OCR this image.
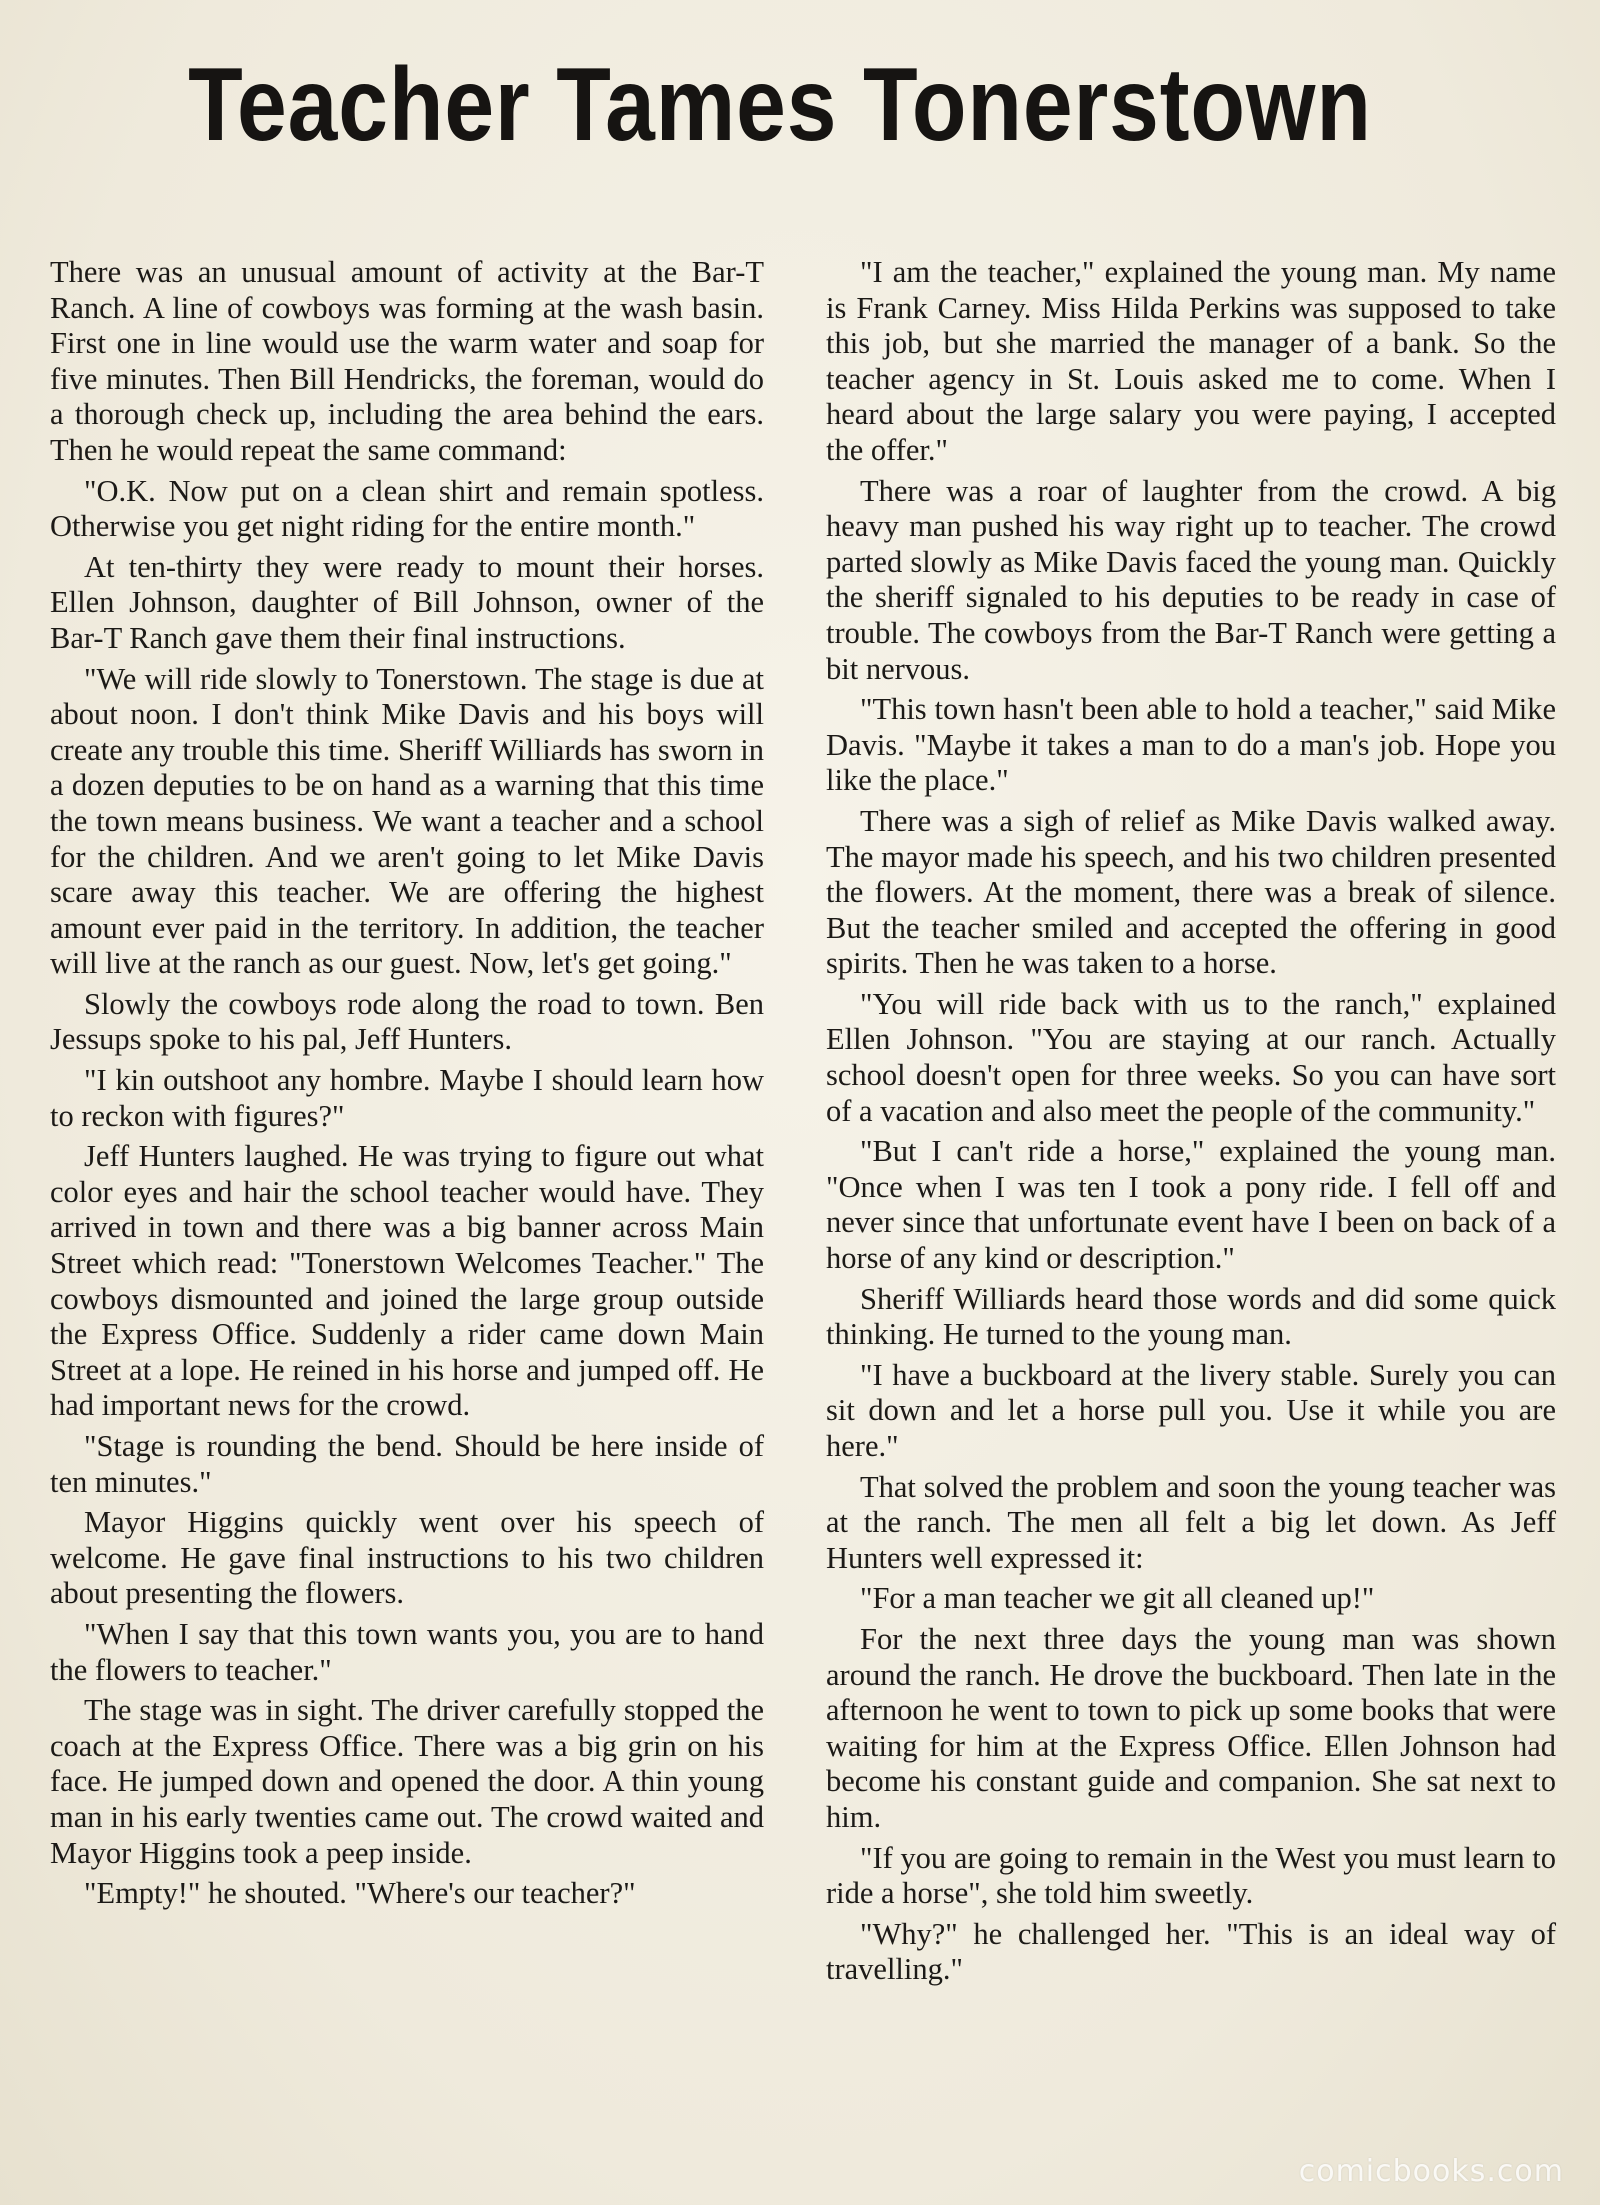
Teacher Tames Tonerstown

There was an unusual amount of activity at the Bar-T Ranch. A line of cowboys was forming at the wash basin. First one in line would use the warm water and soap for five minutes. Then Bill Hendricks, the foreman, would do a thorough check up, including the area behind the ears. Then he would repeat the same command:

"O.K. Now put on a clean shirt and remain spotless. Otherwise you get night riding for the entire month."

At ten-thirty they were ready to mount their horses. Ellen Johnson, daughter of Bill Johnson, owner of the Bar-T Ranch gave them their final instructions.

"We will ride slowly to Tonerstown. The stage is due at about noon. I don't think Mike Davis and his boys will create any trouble this time. Sheriff Williards has sworn in a dozen deputies to be on hand as a warning that this time the town means business. We want a teacher and a school for the children. And we aren't going to let Mike Davis scare away this teacher. We are offering the highest amount ever paid in the territory. In addition, the teacher will live at the ranch as our guest. Now, let's get going."

Slowly the cowboys rode along the road to town. Ben Jessups spoke to his pal, Jeff Hunters.

"I kin outshoot any hombre. Maybe I should learn how to reckon with figures?"

Jeff Hunters laughed. He was trying to figure out what color eyes and hair the school teacher would have. They arrived in town and there was a big banner across Main Street which read: "Tonerstown Welcomes Teacher." The cowboys dismounted and joined the large group outside the Express Office. Suddenly a rider came down Main Street at a lope. He reined in his horse and jumped off. He had important news for the crowd.

"Stage is rounding the bend. Should be here inside of ten minutes."

Mayor Higgins quickly went over his speech of welcome. He gave final instructions to his two children about presenting the flowers.

"When I say that this town wants you, you are to hand the flowers to teacher."

The stage was in sight. The driver carefully stopped the coach at the Express Office. There was a big grin on his face. He jumped down and opened the door. A thin young man in his early twenties came out. The crowd waited and Mayor Higgins took a peep inside.

"Empty!" he shouted. "Where's our teacher?"

"I am the teacher," explained the young man. My name is Frank Carney. Miss Hilda Perkins was supposed to take this job, but she married the manager of a bank. So the teacher agency in St. Louis asked me to come. When I heard about the large salary you were paying, I accepted the offer."

There was a roar of laughter from the crowd. A big heavy man pushed his way right up to teacher. The crowd parted slowly as Mike Davis faced the young man. Quickly the sheriff signaled to his deputies to be ready in case of trouble. The cowboys from the Bar-T Ranch were getting a bit nervous.

"This town hasn't been able to hold a teacher," said Mike Davis. "Maybe it takes a man to do a man's job. Hope you like the place."

There was a sigh of relief as Mike Davis walked away. The mayor made his speech, and his two children presented the flowers. At the moment, there was a break of silence. But the teacher smiled and accepted the offering in good spirits. Then he was taken to a horse.

"You will ride back with us to the ranch," explained Ellen Johnson. "You are staying at our ranch. Actually school doesn't open for three weeks. So you can have sort of a vacation and also meet the people of the community."

"But I can't ride a horse," explained the young man. "Once when I was ten I took a pony ride. I fell off and never since that unfortunate event have I been on back of a horse of any kind or description."

Sheriff Williards heard those words and did some quick thinking. He turned to the young man.

"I have a buckboard at the livery stable. Surely you can sit down and let a horse pull you. Use it while you are here."

That solved the problem and soon the young teacher was at the ranch. The men all felt a big let down. As Jeff Hunters well expressed it:

"For a man teacher we git all cleaned up!"

For the next three days the young man was shown around the ranch. He drove the buckboard. Then late in the afternoon he went to town to pick up some books that were waiting for him at the Express Office. Ellen Johnson had become his constant guide and companion. She sat next to him.

"If you are going to remain in the West you must learn to ride a horse", she told him sweetly.

"Why?" he challenged her. "This is an ideal way of travelling."

comicbooks.com
